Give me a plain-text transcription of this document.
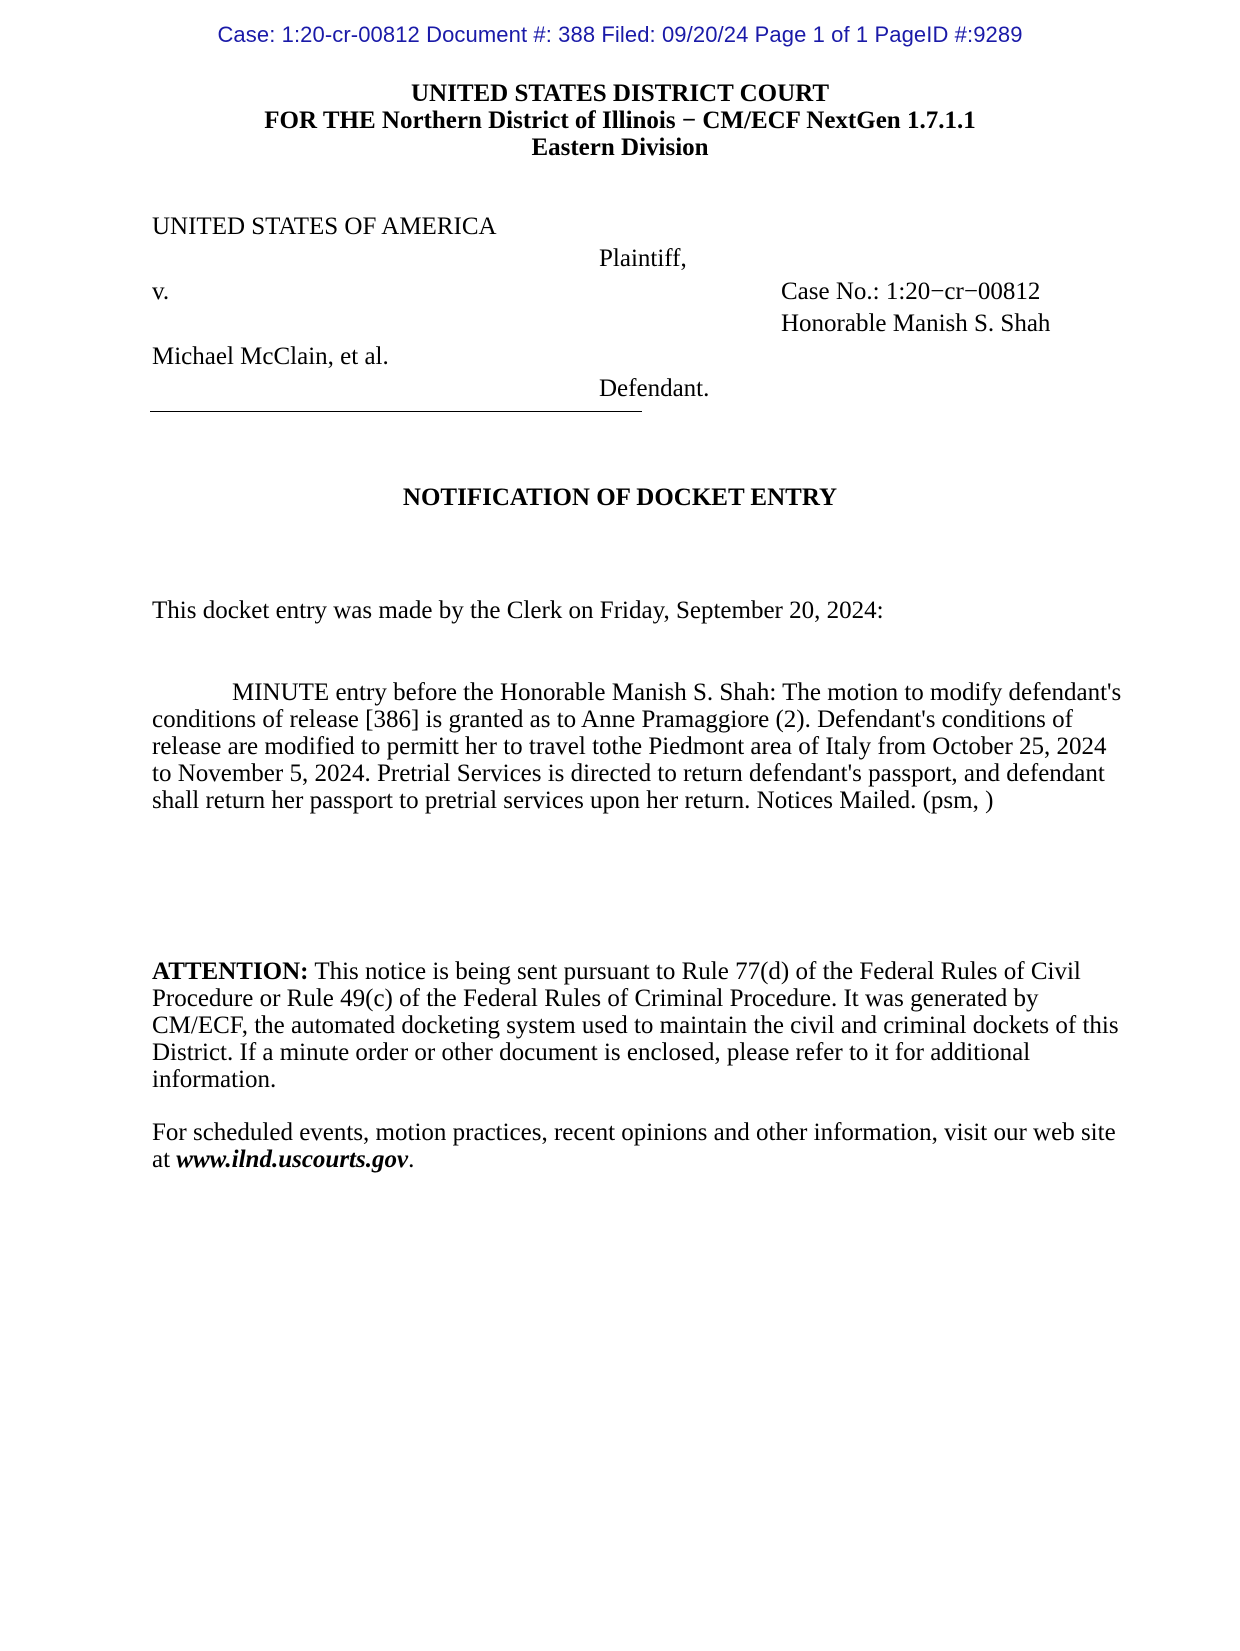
Case: 1:20-cr-00812 Document #: 388 Filed: 09/20/24 Page 1 of 1 PageID #:9289
UNITED STATES DISTRICT COURT
FOR THE Northern District of Illinois − CM/ECF NextGen 1.7.1.1
Eastern Division
UNITED STATES OF AMERICA
Plaintiff,
v.	Case No.: 1:20−cr−00812
Honorable Manish S. Shah
Michael McClain, et al.
Defendant.
NOTIFICATION OF DOCKET ENTRY
This docket entry was made by the Clerk on Friday, September 20, 2024:
MINUTE entry before the Honorable Manish S. Shah: The motion to modify defendant's conditions of release [386] is granted as to Anne Pramaggiore (2). Defendant's conditions of release are modified to permitt her to travel tothe Piedmont area of Italy from October 25, 2024 to November 5, 2024. Pretrial Services is directed to return defendant's passport, and defendant shall return her passport to pretrial services upon her return. Notices Mailed. (psm, )
ATTENTION: This notice is being sent pursuant to Rule 77(d) of the Federal Rules of Civil Procedure or Rule 49(c) of the Federal Rules of Criminal Procedure. It was generated by CM/ECF, the automated docketing system used to maintain the civil and criminal dockets of this District. If a minute order or other document is enclosed, please refer to it for additional information.
For scheduled events, motion practices, recent opinions and other information, visit our web site at www.ilnd.uscourts.gov.
